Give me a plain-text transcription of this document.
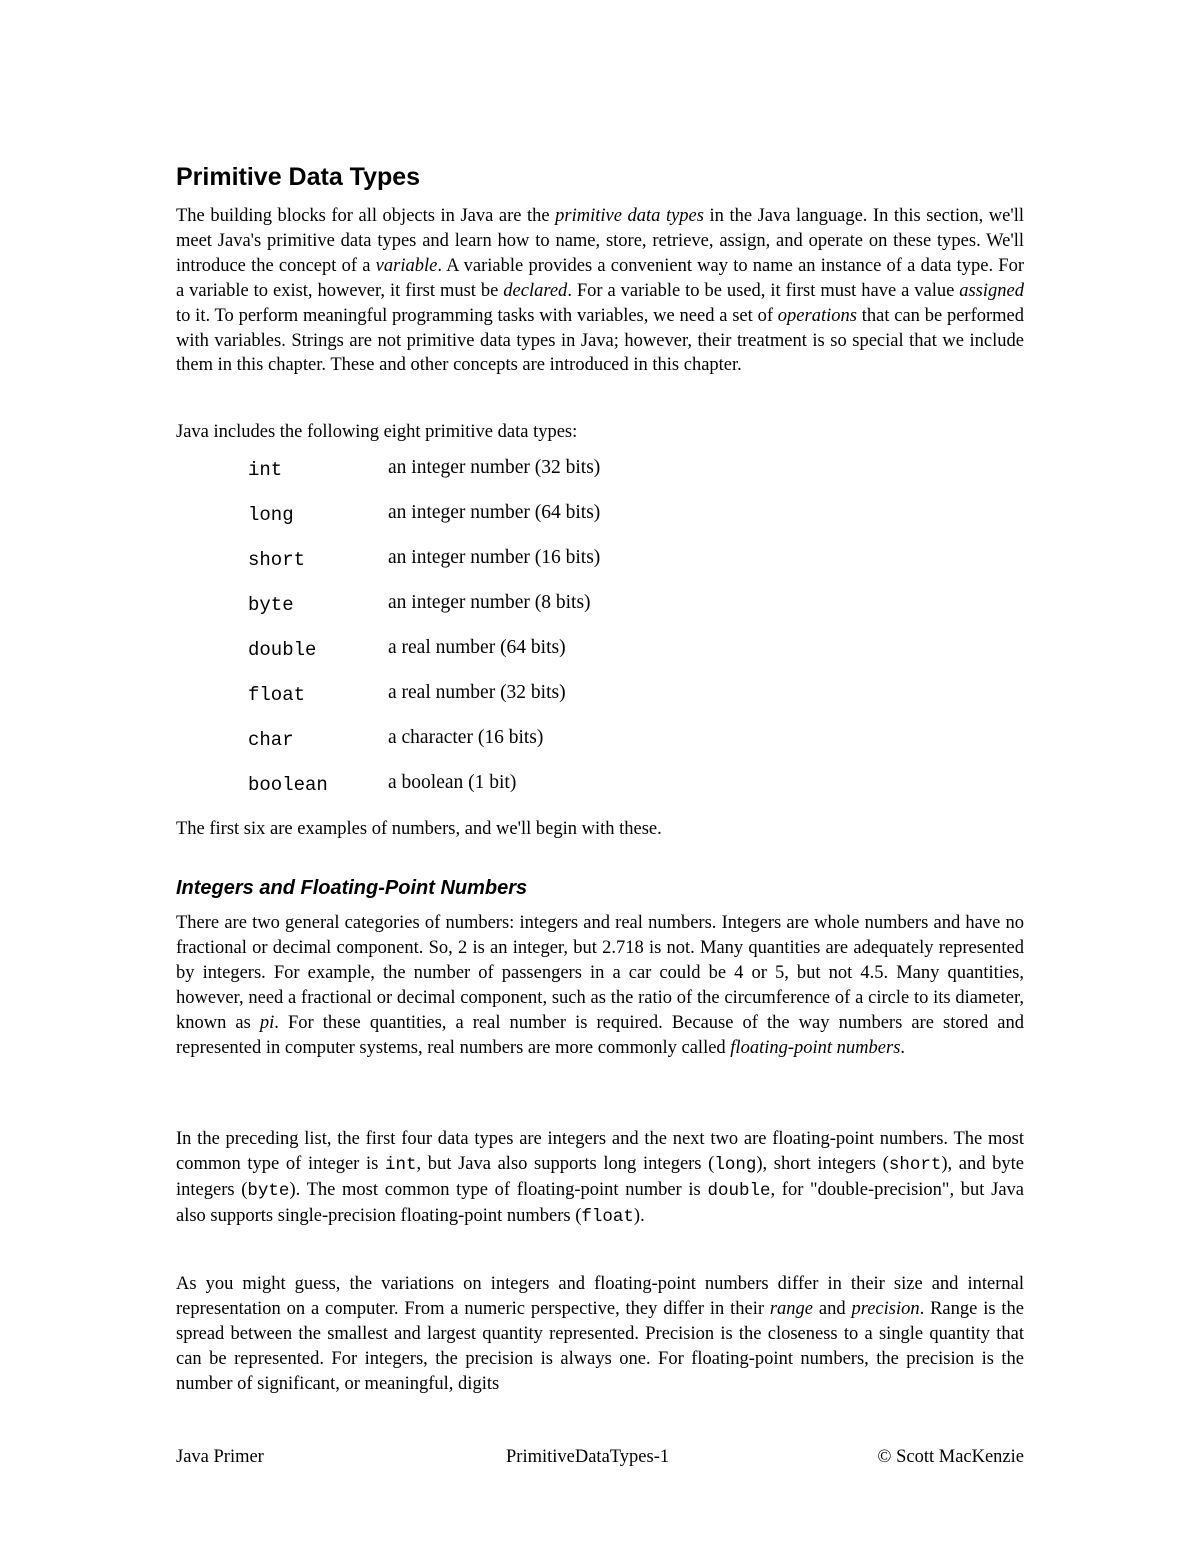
Primitive Data Types

The building blocks for all objects in Java are the primitive data types in the Java language. In this section, we'll meet Java's primitive data types and learn how to name, store, retrieve, assign, and operate on these types. We'll introduce the concept of a variable. A variable provides a convenient way to name an instance of a data type. For a variable to exist, however, it first must be declared. For a variable to be used, it first must have a value assigned to it. To perform meaningful programming tasks with variables, we need a set of operations that can be performed with variables. Strings are not primitive data types in Java; however, their treatment is so special that we include them in this chapter. These and other concepts are introduced in this chapter.

Java includes the following eight primitive data types:

int	an integer number (32 bits)
long	an integer number (64 bits)
short	an integer number (16 bits)
byte	an integer number (8 bits)
double	a real number (64 bits)
float	a real number (32 bits)
char	a character (16 bits)
boolean	a boolean (1 bit)

The first six are examples of numbers, and we'll begin with these.

Integers and Floating-Point Numbers

There are two general categories of numbers: integers and real numbers. Integers are whole numbers and have no fractional or decimal component. So, 2 is an integer, but 2.718 is not. Many quantities are adequately represented by integers. For example, the number of passengers in a car could be 4 or 5, but not 4.5. Many quantities, however, need a fractional or decimal component, such as the ratio of the circumference of a circle to its diameter, known as pi. For these quantities, a real number is required. Because of the way numbers are stored and represented in computer systems, real numbers are more commonly called floating-point numbers.

In the preceding list, the first four data types are integers and the next two are floating-point numbers. The most common type of integer is int, but Java also supports long integers (long), short integers (short), and byte integers (byte). The most common type of floating-point number is double, for "double-precision", but Java also supports single-precision floating-point numbers (float).

As you might guess, the variations on integers and floating-point numbers differ in their size and internal representation on a computer. From a numeric perspective, they differ in their range and precision. Range is the spread between the smallest and largest quantity represented. Precision is the closeness to a single quantity that can be represented. For integers, the precision is always one. For floating-point numbers, the precision is the number of significant, or meaningful, digits

Java Primer	PrimitiveDataTypes-1	© Scott MacKenzie
